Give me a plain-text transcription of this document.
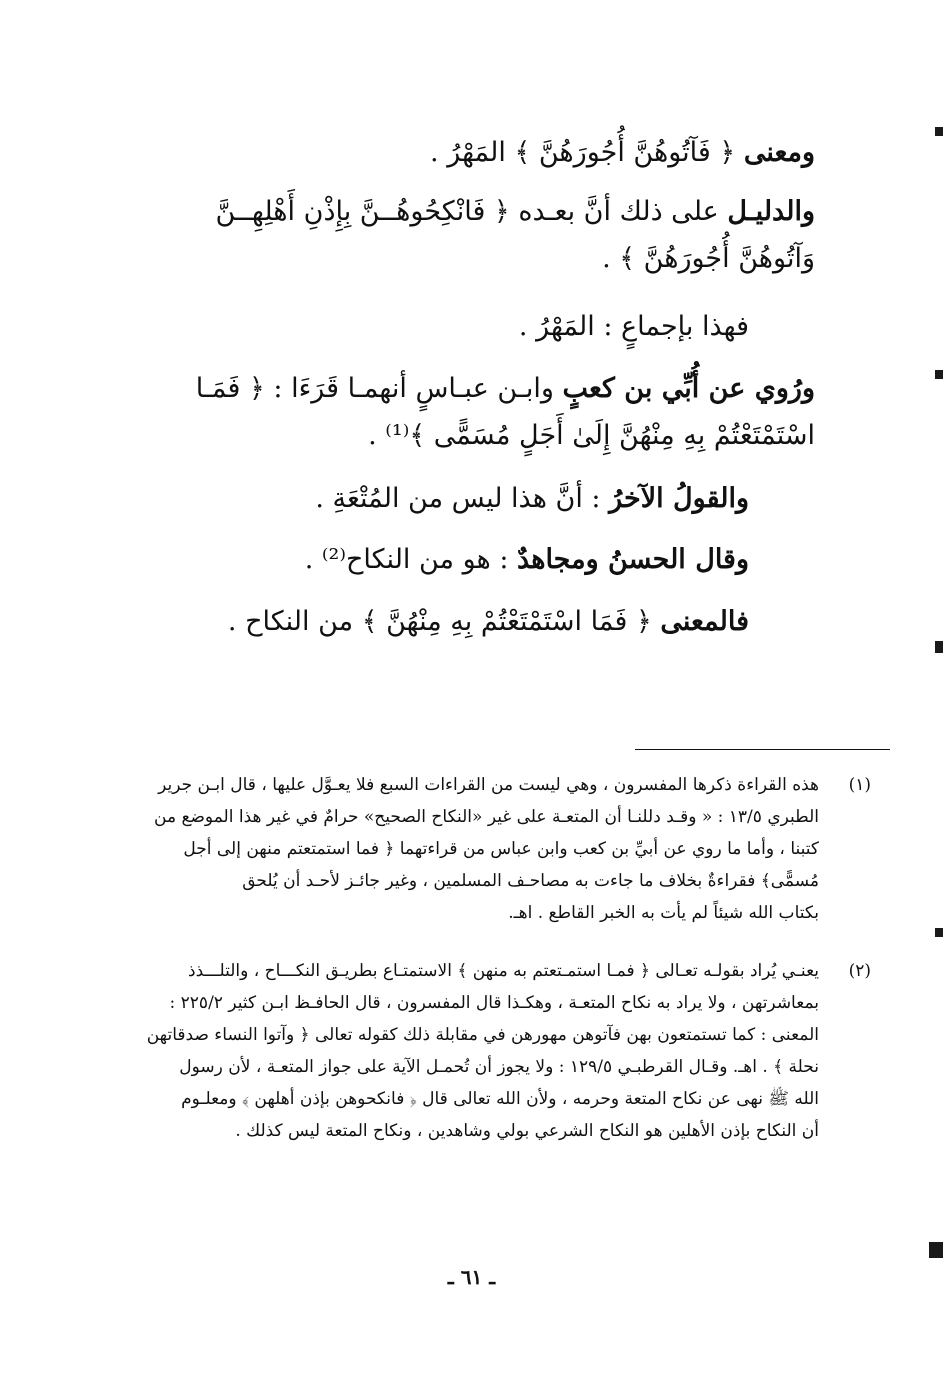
ومعنى ﴿ فَآتُوهُنَّ أُجُورَهُنَّ ﴾ المَهْرُ .
والدليـل على ذلك أنَّ بعـده ﴿ فَانْكِحُوهُــنَّ بِإِذْنِ أَهْلِهِــنَّ
وَآتُوهُنَّ أُجُورَهُنَّ ﴾ .
فهذا بإجماعٍ : المَهْرُ .
ورُوي عن أُبِّي بن كعبٍ وابـن عبـاسٍ أنهمـا قَرَءَا : ﴿ فَمَـا
اسْتَمْتَعْتُمْ بِهِ مِنْهُنَّ إِلَىٰ أَجَلٍ مُسَمًّى ﴾⁽¹⁾ .
والقولُ الآخرُ : أنَّ هذا ليس من المُتْعَةِ .
وقال الحسنُ ومجاهدٌ : هو من النكاح⁽²⁾ .
فالمعنى ﴿ فَمَا اسْتَمْتَعْتُمْ بِهِ مِنْهُنَّ ﴾ من النكاح .
(١)
هذه القراءة ذكرها المفسرون ، وهي ليست من القراءات السبع فلا يعـوَّل عليها ، قال ابـن جرير
الطبري ١٣/٥ : « وقـد دللنـا أن المتعـة على غير «النكاح الصحيح» حرامٌ في غير هذا الموضع من
كتبنا ، وأما ما روي عن أبيِّ بن كعب وابن عباس من قراءتهما ﴿ فما استمتعتم منهن إلى أجل
مُسمًّى﴾ فقراءةٌ بخلاف ما جاءت به مصاحـف المسلمين ، وغير جائـز لأحـد أن يُلحق
بكتاب الله شيئاً لم يأت به الخبر القاطع . اهـ.
(٢)
يعنـي يُراد بقولـه تعـالى ﴿ فمـا استمـتعتم به منهن ﴾ الاستمتـاع بطريـق النكـــاح ، والتلـــذذ
بمعاشرتهن ، ولا يراد به نكاح المتعـة ، وهكـذا قال المفسرون ، قال الحافـظ ابـن كثير ٢٢٥/٢ :
المعنى : كما تستمتعون بهن فآتوهن مهورهن في مقابلة ذلك كقوله تعالى ﴿ وآتوا النساء صدقاتهن
نحلة ﴾ . اهـ. وقـال القرطبـي ١٢٩/٥ : ولا يجوز أن تُحمـل الآية على جواز المتعـة ، لأن رسول
الله ﷺ نهى عن نكاح المتعة وحرمه ، ولأن الله تعالى قال ﴿ فانكحوهن بإذن أهلهن ﴾ ومعلـوم
أن النكاح بإذن الأهلين هو النكاح الشرعي بولي وشاهدين ، ونكاح المتعة ليس كذلك .
ـ ٦١ ـ
